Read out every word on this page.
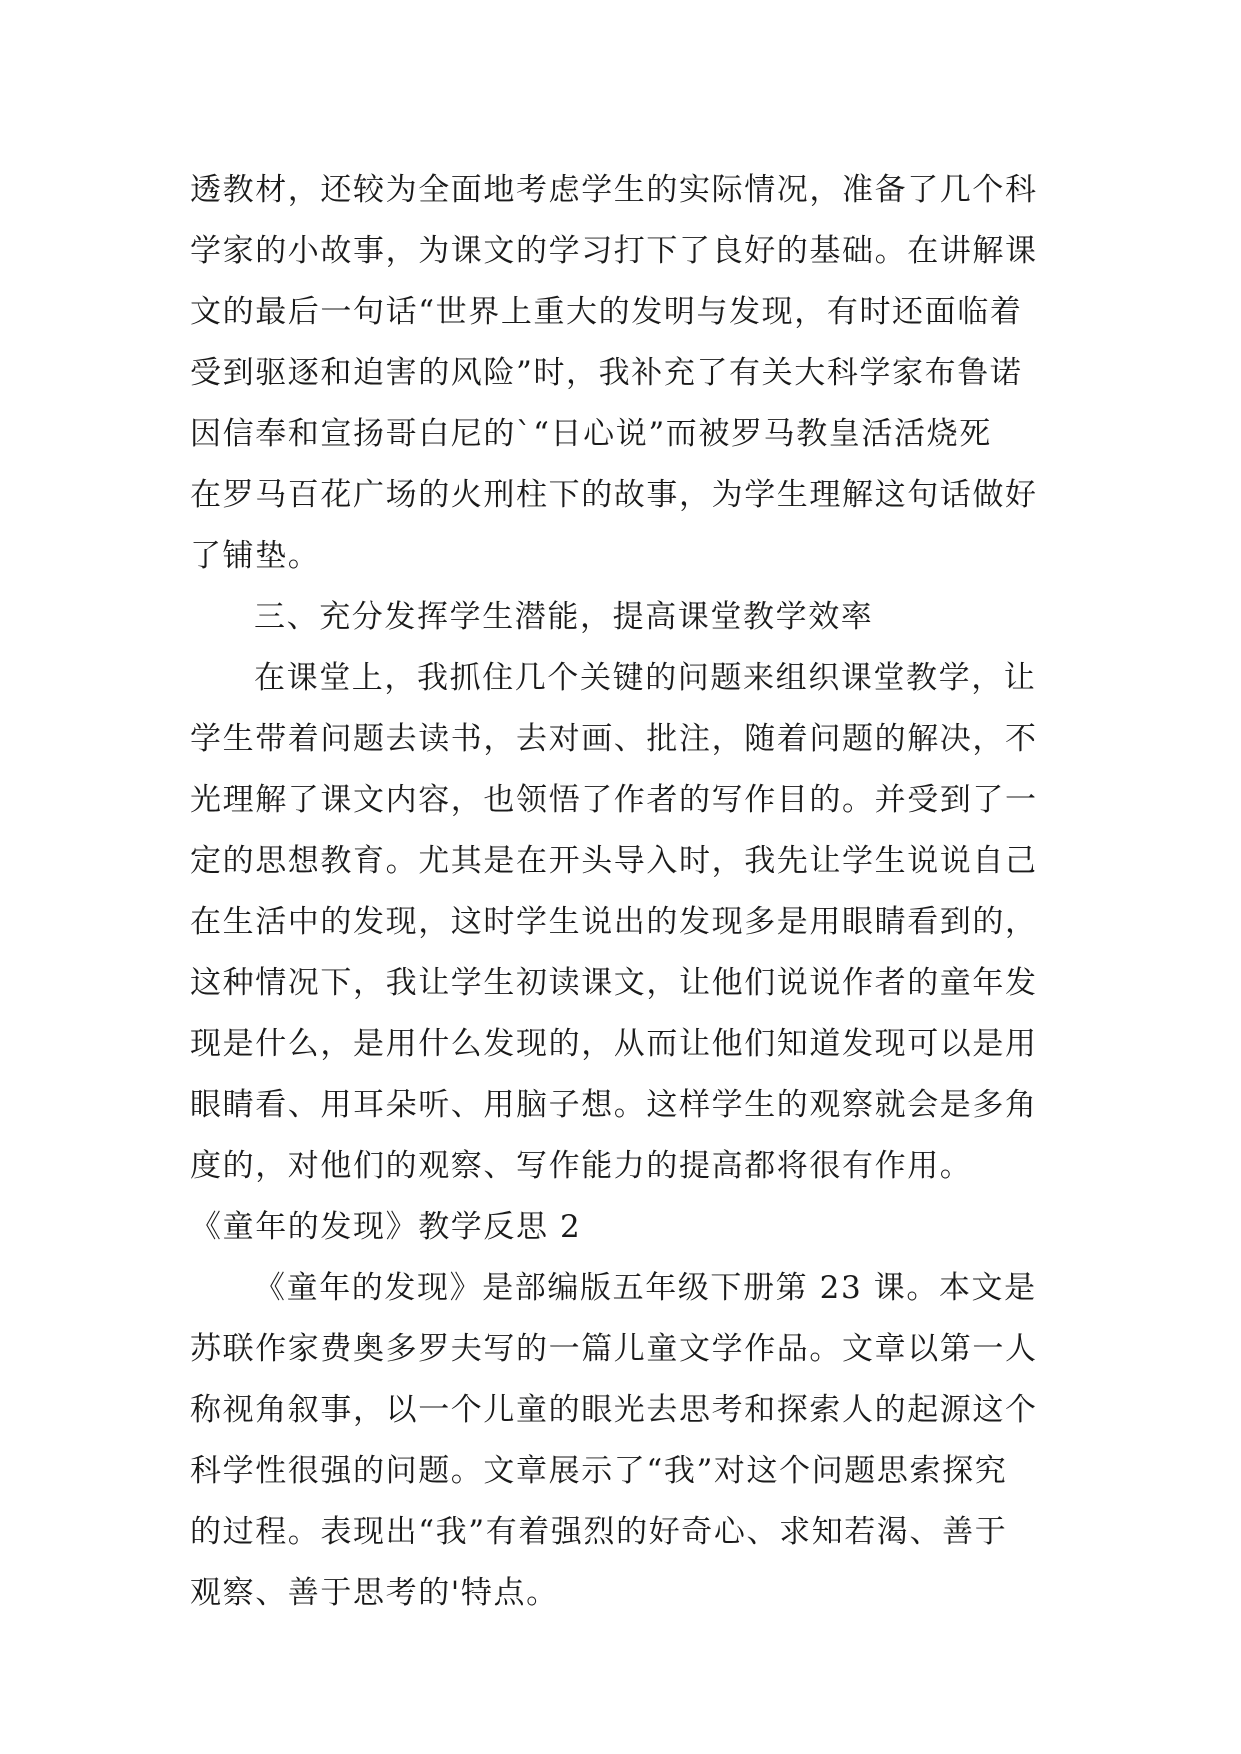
透教材，还较为全面地考虑学生的实际情况，准备了几个科
学家的小故事，为课文的学习打下了良好的基础。在讲解课
文的最后一句话“世界上重大的发明与发现，有时还面临着
受到驱逐和迫害的风险”时，我补充了有关大科学家布鲁诺
因信奉和宣扬哥白尼的`“日心说”而被罗马教皇活活烧死
在罗马百花广场的火刑柱下的故事，为学生理解这句话做好
了铺垫。
三、充分发挥学生潜能，提高课堂教学效率
在课堂上，我抓住几个关键的问题来组织课堂教学，让
学生带着问题去读书，去对画、批注，随着问题的解决，不
光理解了课文内容，也领悟了作者的写作目的。并受到了一
定的思想教育。尤其是在开头导入时，我先让学生说说自己
在生活中的发现，这时学生说出的发现多是用眼睛看到的，
这种情况下，我让学生初读课文，让他们说说作者的童年发
现是什么，是用什么发现的，从而让他们知道发现可以是用
眼睛看、用耳朵听、用脑子想。这样学生的观察就会是多角
度的，对他们的观察、写作能力的提高都将很有作用。
《童年的发现》教学反思 2
《童年的发现》是部编版五年级下册第 23 课。本文是
苏联作家费奥多罗夫写的一篇儿童文学作品。文章以第一人
称视角叙事，以一个儿童的眼光去思考和探索人的起源这个
科学性很强的问题。文章展示了“我”对这个问题思索探究
的过程。表现出“我”有着强烈的好奇心、求知若渴、善于
观察、善于思考的'特点。
